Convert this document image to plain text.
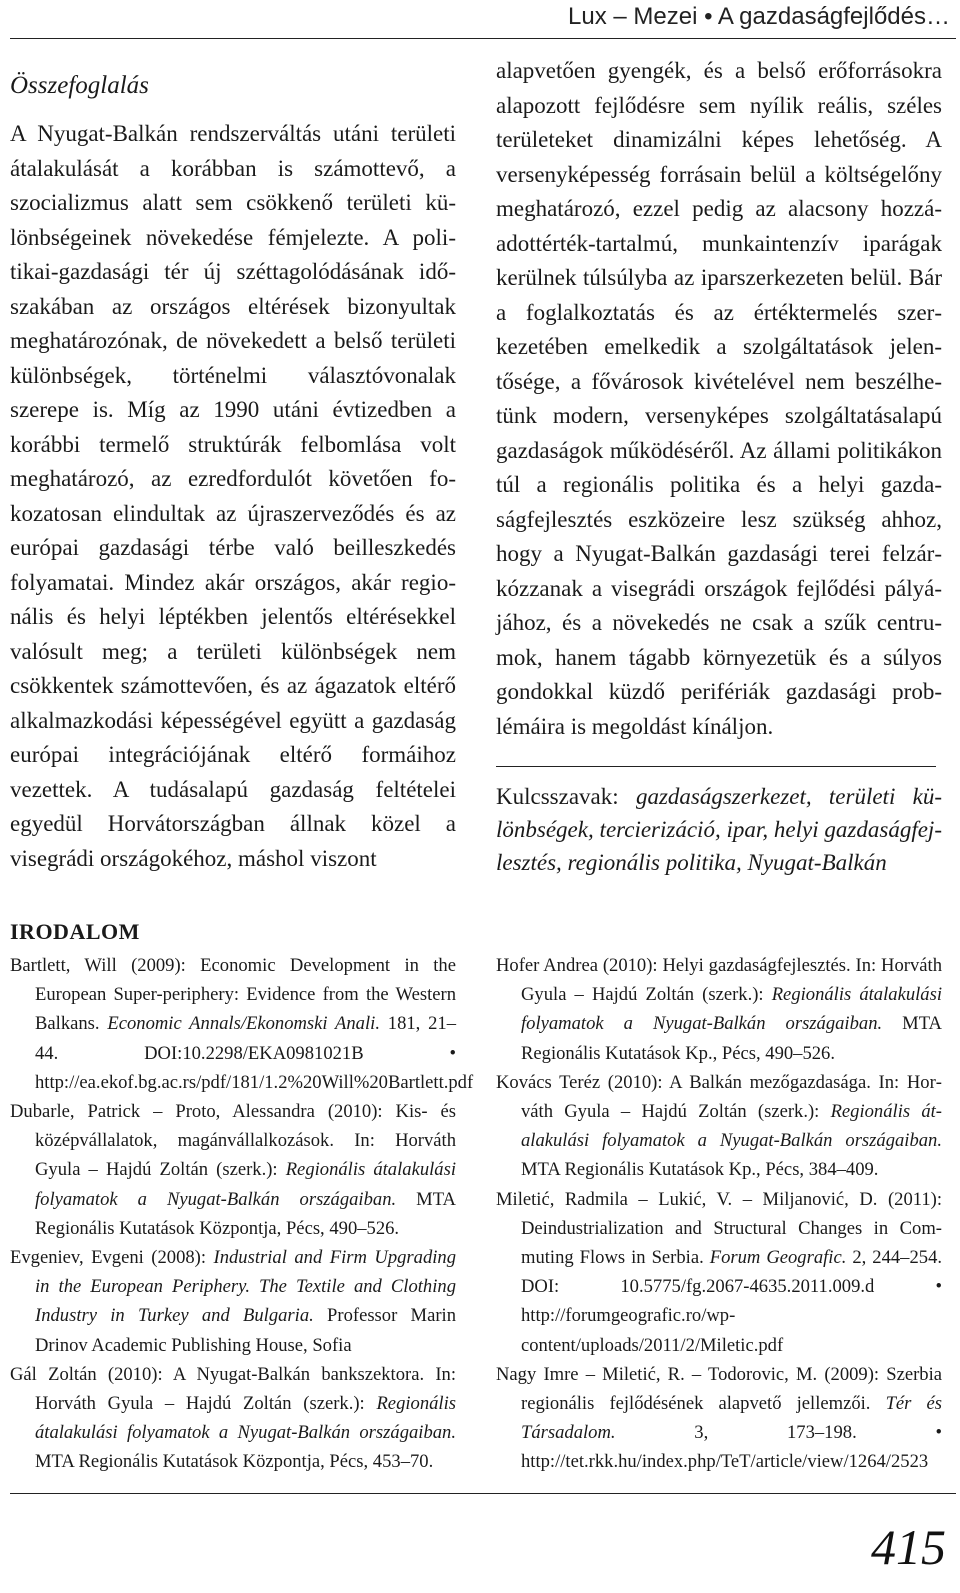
Lux – Mezei • A gazdaságfejlődés…
Összefoglalás

A Nyugat-Balkán rendszerváltás utáni területi átalakulását a korábban is számottevő, a szocializmus alatt sem csökkenő területi különbségeinek növekedése fémjelezte. A politikai-gazdasági tér új széttagolódásának időszakában az országos eltérések bizonyultak meghatározónak, de növekedett a belső területi különbségek, történelmi választóvonalak szerepe is. Míg az 1990 utáni évtizedben a korábbi termelő struktúrák felbomlása volt meghatározó, az ezredfordulót követően fokozatosan elindultak az újraszerveződés és az európai gazdasági térbe való beilleszkedés folyamatai. Mindez akár országos, akár regionális és helyi léptékben jelentős eltérésekkel valósult meg; a területi különbségek nem csökkentek számottevően, és az ágazatok eltérő alkalmazkodási képességével együtt a gazdaság európai integrációjának eltérő formáihoz vezettek. A tudásalapú gazdaság feltételei egyedül Horvátországban állnak közel a visegrádi országokéhoz, máshol viszont

alapvetően gyengék, és a belső erőforrásokra alapozott fejlődésre sem nyílik reális, széles területeket dinamizálni képes lehetőség. A versenyképesség forrásain belül a költségelőny meghatározó, ezzel pedig az alacsony hozzáadottérték-tartalmú, munkaintenzív iparágak kerülnek túlsúlyba az iparszerkezeten belül. Bár a foglalkoztatás és az értéktermelés szerkezetében emelkedik a szolgáltatások jelentősége, a fővárosok kivételével nem beszélhetünk modern, versenyképes szolgáltatásalapú gazdaságok működéséről. Az állami politikákon túl a regionális politika és a helyi gazdaságfejlesztés eszközeire lesz szükség ahhoz, hogy a Nyugat-Balkán gazdasági terei felzárkózzanak a visegrádi országok fejlődési pályájához, és a növekedés ne csak a szűk centrumok, hanem tágabb környezetük és a súlyos gondokkal küzdő perifériák gazdasági problémáira is megoldást kínáljon.

Kulcsszavak: gazdaságszerkezet, területi különbségek, tercierizáció, ipar, helyi gazdaságfejlesztés, regionális politika, Nyugat-Balkán
IRODALOM

Bartlett, Will (2009): Economic Development in the European Super-periphery: Evidence from the Western Balkans. Economic Annals/Ekonomski Anali. 181, 21–44. DOI:10.2298/EKA0981021B • http://ea.ekof.bg.ac.rs/pdf/181/1.2%20Will%20Bartlett.pdf

Dubarle, Patrick – Proto, Alessandra (2010): Kis- és középvállalatok, magánvállalkozások. In: Horváth Gyula – Hajdú Zoltán (szerk.): Regionális átalakulási folyamatok a Nyugat-Balkán országaiban. MTA Regionális Kutatások Központja, Pécs, 490–526.

Evgeniev, Evgeni (2008): Industrial and Firm Upgrading in the European Periphery. The Textile and Clothing Industry in Turkey and Bulgaria. Professor Marin Drinov Academic Publishing House, Sofia

Gál Zoltán (2010): A Nyugat-Balkán bankszektora. In: Horváth Gyula – Hajdú Zoltán (szerk.): Regionális átalakulási folyamatok a Nyugat-Balkán országaiban. MTA Regionális Kutatások Központja, Pécs, 453–70.

Hofer Andrea (2010): Helyi gazdaságfejlesztés. In: Horváth Gyula – Hajdú Zoltán (szerk.): Regionális átalakulási folyamatok a Nyugat-Balkán országaiban. MTA Regionális Kutatások Kp., Pécs, 490–526.

Kovács Teréz (2010): A Balkán mezőgazdasága. In: Horváth Gyula – Hajdú Zoltán (szerk.): Regionális átalakulási folyamatok a Nyugat-Balkán országaiban. MTA Regionális Kutatások Kp., Pécs, 384–409.

Miletić, Radmila – Lukić, V. – Miljanović, D. (2011): Deindustrialization and Structural Changes in Commuting Flows in Serbia. Forum Geografic. 2, 244–254. DOI: 10.5775/fg.2067-4635.2011.009.d • http://forumgeografic.ro/wp-content/uploads/2011/2/Miletic.pdf

Nagy Imre – Miletić, R. – Todorovic, M. (2009): Szerbia regionális fejlődésének alapvető jellemzői. Tér és Társadalom. 3, 173–198. • http://tet.rkk.hu/index.php/TeT/article/view/1264/2523

415
